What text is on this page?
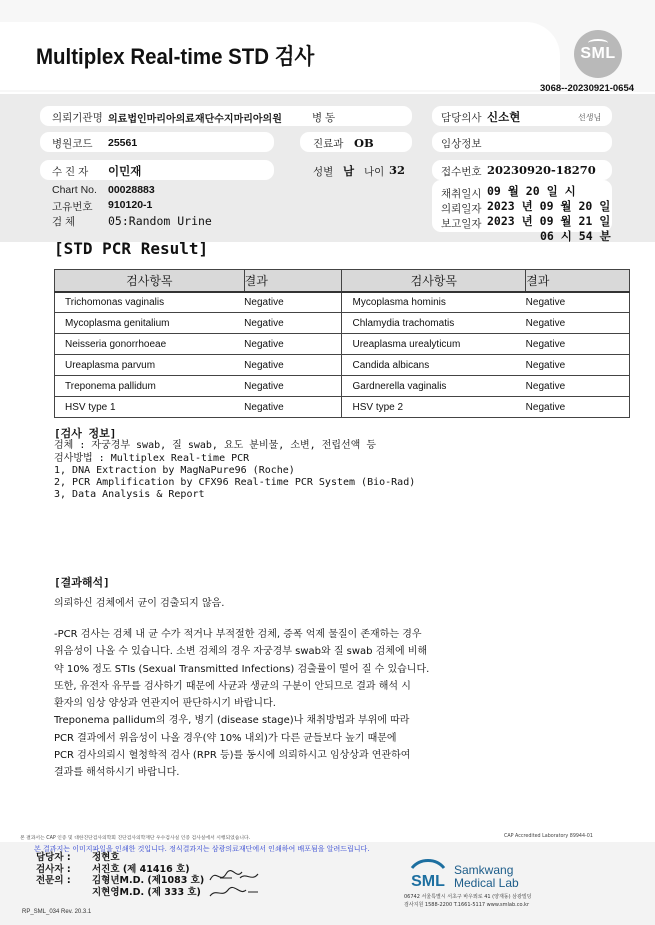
Multiplex Real-time STD 검사	SML
3068--20230921-0654
의뢰기관명 의료법인마리아의료재단수지마리아의원	병 동	담당의사 신소현	선생님
병원코드 25561	진료과 OB	임상정보
수 진 자 이민재	성별 남 나이 32	접수번호 20230920-18270
Chart No. 00028883
고유번호 910120-1
검 체	05:Random Urine
채취일시 09 월 20 일 시
의뢰일자 2023 년 09 월 20 일
보고일자 2023 년 09 월 21 일
06 시 54 분
[STD PCR Result]
검사항목	결과	검사항목	결과
Trichomonas vaginalis	Negative	Mycoplasma hominis	Negative
Mycoplasma genitalium	Negative	Chlamydia trachomatis	Negative
Neisseria gonorrhoeae	Negative	Ureaplasma urealyticum	Negative
Ureaplasma parvum	Negative	Candida albicans	Negative
Treponema pallidum	Negative	Gardnerella vaginalis	Negative
HSV type 1	Negative	HSV type 2	Negative
[검사 정보]
검체 : 자궁경부 swab, 질 swab, 요도 분비물, 소변, 전립선액 등
검사방법 : Multiplex Real-time PCR
1, DNA Extraction by MagNaPure96 (Roche)
2, PCR Amplification by CFX96 Real-time PCR System (Bio-Rad)
3, Data Analysis & Report
[결과해석]
의뢰하신 검체에서 균이 검출되지 않음.
-PCR 검사는 검체 내 균 수가 적거나 부적절한 검체, 증폭 억제 물질이 존재하는 경우
위음성이 나올 수 있습니다. 소변 검체의 경우 자궁경부 swab와 질 swab 검체에 비해
약 10% 정도 STIs (Sexual Transmitted Infections) 검출률이 떨어 질 수 있습니다.
또한, 유전자 유무를 검사하기 때문에 사균과 생균의 구분이 안되므로 결과 해석 시
환자의 임상 양상과 연관지어 판단하시기 바랍니다.
Treponema pallidum의 경우, 병기 (disease stage)나 채취방법과 부위에 따라
PCR 결과에서 위음성이 나올 경우(약 10% 내외)가 다른 균들보다 높기 때문에
PCR 검사의뢰시 혈청학적 검사 (RPR 등)를 동시에 의뢰하시고 임상상과 연관하여
결과를 해석하시기 바랍니다.
본 결과서는 CAP 인증 및 대한진단검사의학회 진단검사의학재단 우수검사실 인증 검사실에서 시행되었습니다.	CAP Accredited Laboratory 89944-01
본 결과지는 이미지파일을 인쇄한 것입니다. 정식결과지는 삼광의료재단에서 인쇄하여 배포됨을 알려드립니다.
담당자 :	정현호
검사자 :	서진호 (제 41416 호)
전문의 :	김형년M.D. (제1083 호)
지현영M.D. (제 333 호)
RP_SML_034 Rev. 20.3.1
SML
Samkwang
Medical Lab
06742 서울특별시 서초구 바우뫼로 41 (양재동) 삼광빌딩
검사지원 1588-2200 T.1661-5117 www.smlab.co.kr
